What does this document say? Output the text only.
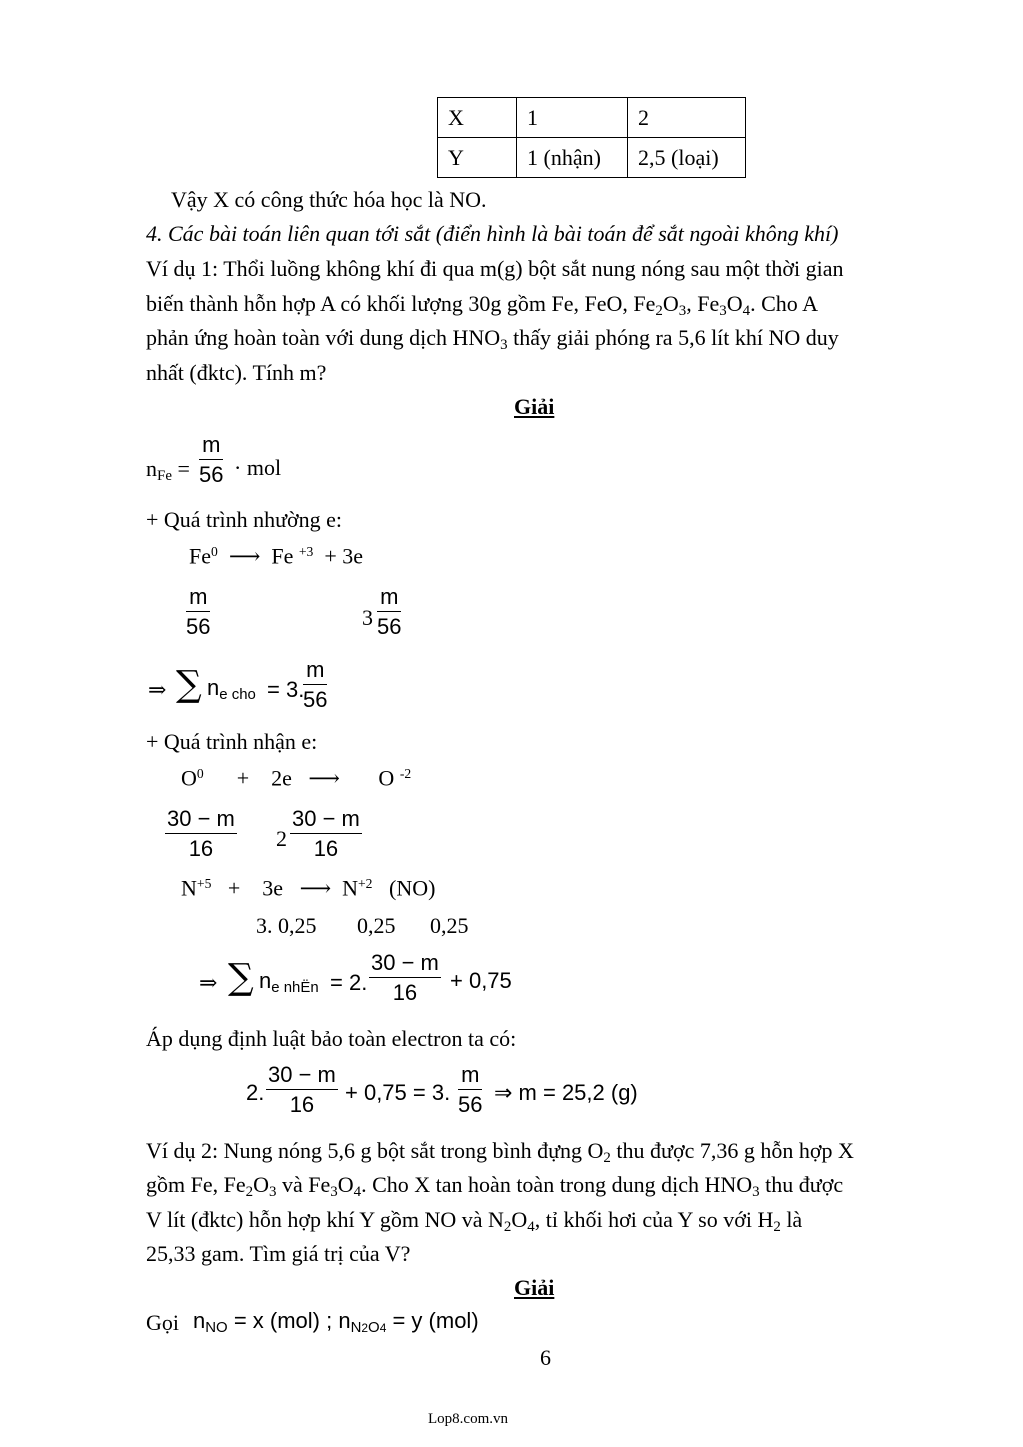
X	1	2
Y	1 (nhận)	2,5 (loại)
Vậy X có công thức hóa học là NO.
4. Các bài toán liên quan tới sắt (điển hình là bài toán để sắt ngoài không khí)
Ví dụ 1: Thổi luồng không khí đi qua m(g) bột sắt nung nóng sau một thời gian
biến thành hỗn hợp A có khối lượng 30g gồm Fe, FeO, $Fe_2O_3$, $Fe_3O_4$. Cho A
phản ứng hoàn toàn với dung dịch $HNO_3$ thấy giải phóng ra 5,6 lít khí NO duy
nhất (đktc). Tính m?
Giải
$n_{Fe} = \frac{m}{56}$ · mol
+ Quá trình nhường e:
Fe$^0$  ⟶  Fe $^{+3}$  + 3e
$\frac{m}{56}$	$3 \frac{m}{56}$
⇒ ∑ $n_{e cho} = 3$.
$\frac{m}{56}$
+ Quá trình nhận e:
$O^0$      +    2e   ⟶       O $^{-2}$
$\frac{30 - m}{16} 2 \frac{30 - m}{16}$
$N^{+5}$   +    3e   ⟶  $N^{+2}$ (NO)
3. 0,25 0,25 0,25
⇒ ∑ $n_{e nhËn} = 2$. $\frac{30 - m}{16} + 0,75$
Áp dụng định luật bảo toàn electron ta có:
2. $\frac{30 - m}{16} + 0,75 = 3$. $\frac{m}{56}$ ⇒ m = 25,2 (g)
Ví dụ 2: Nung nóng 5,6 g bột sắt trong bình đựng $O_2$ thu được 7,36 g hỗn hợp X
gồm Fe, $Fe_2O_3$ và $Fe_3O_4$. Cho X tan hoàn toàn trong dung dịch $HNO_3$ thu được
V lít (đktc) hỗn hợp khí Y gồm NO và $N_2O_4$, tỉ khối hơi của Y so với $H_2$ là
25,33 gam. Tìm giá trị của V?
Giải
Gọi $n_{NO} = x$ (mol) ; $n_{N2O4} = y$ (mol)
6
Lop8.com.vn
